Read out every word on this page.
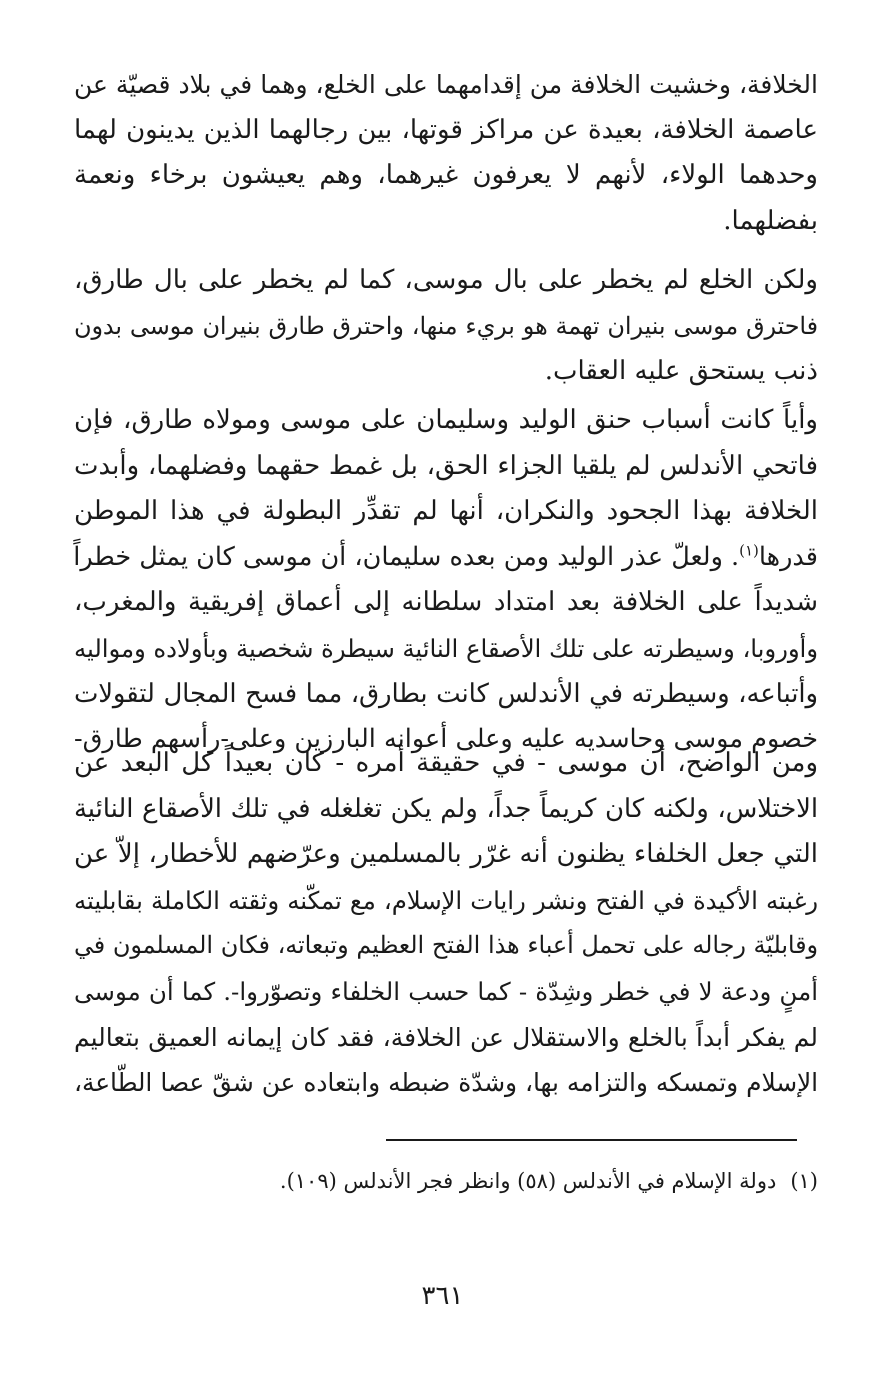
الخلافة، وخشيت الخلافة من إقدامهما على الخلع، وهما في بلاد قصيّة عن
عاصمة الخلافة، بعيدة عن مراكز قوتها، بين رجالهما الذين يدينون لهما
وحدهما الولاء، لأنهم لا يعرفون غيرهما، وهم يعيشون برخاء ونعمة
بفضلهما.
ولكن الخلع لم يخطر على بال موسى، كما لم يخطر على بال طارق،
فاحترق موسى بنيران تهمة هو بريء منها، واحترق طارق بنيران موسى بدون
ذنب يستحق عليه العقاب.
وأياً كانت أسباب حنق الوليد وسليمان على موسى ومولاه طارق، فإن
فاتحي الأندلس لم يلقيا الجزاء الحق، بل غمط حقهما وفضلهما، وأبدت
الخلافة بهذا الجحود والنكران، أنها لم تقدِّر البطولة في هذا الموطن
قدرها$^{(١)}$. ولعلّ عذر الوليد ومن بعده سليمان، أن موسى كان يمثل خطراً
شديداً على الخلافة بعد امتداد سلطانه إلى أعماق إفريقية والمغرب،
وأوروبا، وسيطرته على تلك الأصقاع النائية سيطرة شخصية وبأولاده ومواليه
وأتباعه، وسيطرته في الأندلس كانت بطارق، مما فسح المجال لتقولات
خصوم موسى وحاسديه عليه وعلى أعوانه البارزين وعلى-رأسهم طارق-
ومن الواضح، أن موسى - في حقيقة أمره - كان بعيداً كل البعد عن
الاختلاس، ولكنه كان كريماً جداً، ولم يكن تغلغله في تلك الأصقاع النائية
التي جعل الخلفاء يظنون أنه غرّر بالمسلمين وعرّضهم للأخطار، إلاّ عن
رغبته الأكيدة في الفتح ونشر رايات الإسلام، مع تمكّنه وثقته الكاملة بقابليته
وقابليّة رجاله على تحمل أعباء هذا الفتح العظيم وتبعاته، فكان المسلمون في
أمنٍ ودعة لا في خطر وشِدّة - كما حسب الخلفاء وتصوّروا-. كما أن موسى
لم يفكر أبداً بالخلع والاستقلال عن الخلافة، فقد كان إيمانه العميق بتعاليم
الإسلام وتمسكه والتزامه بها، وشدّة ضبطه وابتعاده عن شقّ عصا الطّاعة،
(١)دولة الإسلام في الأندلس (٥٨) وانظر فجر الأندلس (١٠٩).
٣٦١
